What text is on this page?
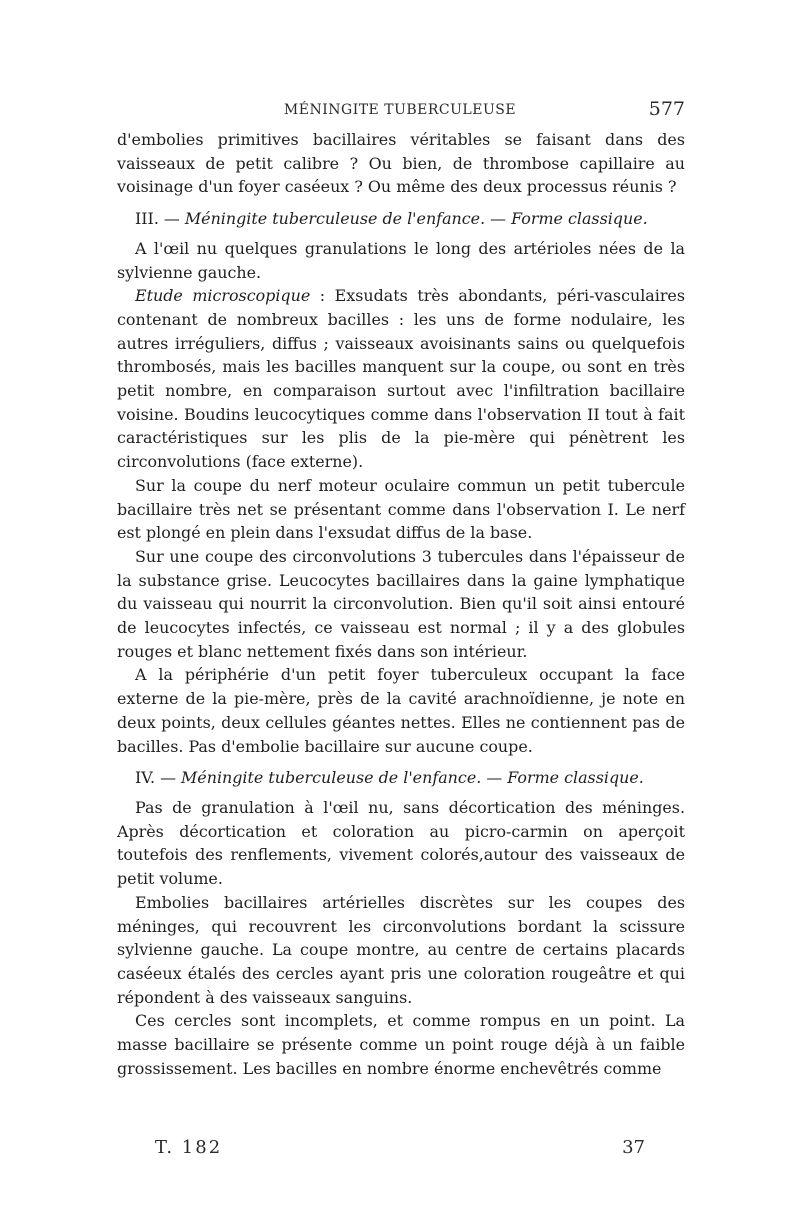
MÉNINGITE TUBERCULEUSE	577

d'embolies primitives bacillaires véritables se faisant dans des vaisseaux de petit calibre ? Ou bien, de thrombose capillaire au voisinage d'un foyer caséeux ? Ou même des deux processus réunis ?

III. — Méningite tuberculeuse de l'enfance. — Forme classique.

A l'œil nu quelques granulations le long des artérioles nées de la sylvienne gauche.

Etude microscopique : Exsudats très abondants, péri-vasculaires contenant de nombreux bacilles : les uns de forme nodulaire, les autres irréguliers, diffus ; vaisseaux avoisinants sains ou quelquefois thrombosés, mais les bacilles manquent sur la coupe, ou sont en très petit nombre, en comparaison surtout avec l'infiltration bacillaire voisine. Boudins leucocytiques comme dans l'observation II tout à fait caractéristiques sur les plis de la pie-mère qui pénètrent les circonvolutions (face externe).

Sur la coupe du nerf moteur oculaire commun un petit tubercule bacillaire très net se présentant comme dans l'observation I. Le nerf est plongé en plein dans l'exsudat diffus de la base.

Sur une coupe des circonvolutions 3 tubercules dans l'épaisseur de la substance grise. Leucocytes bacillaires dans la gaine lymphatique du vaisseau qui nourrit la circonvolution. Bien qu'il soit ainsi entouré de leucocytes infectés, ce vaisseau est normal ; il y a des globules rouges et blanc nettement fixés dans son intérieur.

A la périphérie d'un petit foyer tuberculeux occupant la face externe de la pie-mère, près de la cavité arachnoïdienne, je note en deux points, deux cellules géantes nettes. Elles ne contiennent pas de bacilles. Pas d'embolie bacillaire sur aucune coupe.

IV. — Méningite tuberculeuse de l'enfance. — Forme classique.

Pas de granulation à l'œil nu, sans décortication des méninges. Après décortication et coloration au picro-carmin on aperçoit toutefois des renflements, vivement colorés,autour des vaisseaux de petit volume.

Embolies bacillaires artérielles discrètes sur les coupes des méninges, qui recouvrent les circonvolutions bordant la scissure sylvienne gauche. La coupe montre, au centre de certains placards caséeux étalés des cercles ayant pris une coloration rougeâtre et qui répondent à des vaisseaux sanguins.

Ces cercles sont incomplets, et comme rompus en un point. La masse bacillaire se présente comme un point rouge déjà à un faible grossissement. Les bacilles en nombre énorme enchevêtrés comme

T. 182	37
